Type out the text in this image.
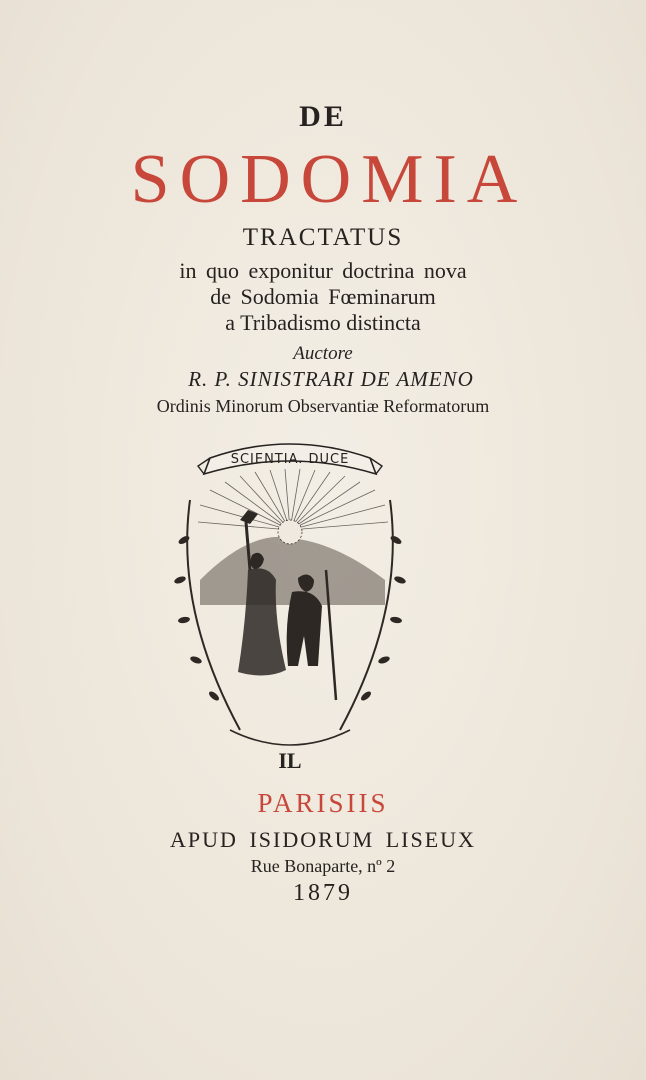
DE
SODOMIA
TRACTATUS
in quo exponitur doctrina nova
de Sodomia Fœminarum
a Tribadismo distincta
Auctore
R. P. SINISTRARI DE AMENO
Ordinis Minorum Observantiæ Reformatorum
SCIENTIA. DUCE
IL
PARISIIS
APUD ISIDORUM LISEUX
Rue Bonaparte, nº 2
1879
